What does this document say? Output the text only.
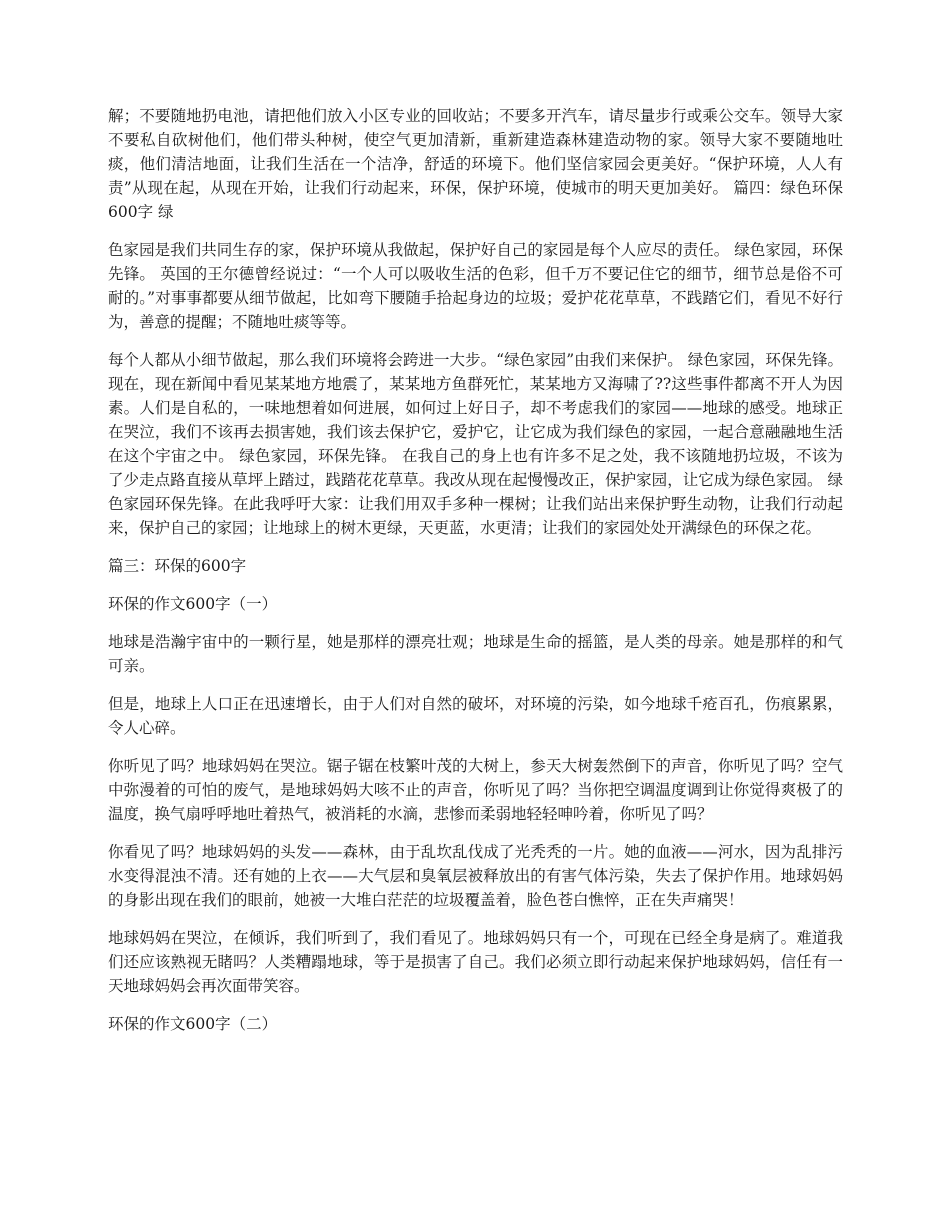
解；不要随地扔电池，请把他们放入小区专业的回收站；不要多开汽车，请尽量步行或乘公交车。领导大家不要私自砍树他们，他们带头种树，使空气更加清新，重新建造森林建造动物的家。领导大家不要随地吐痰，他们清洁地面，让我们生活在一个洁净，舒适的环境下。他们坚信家园会更美好。“保护环境，人人有责”从现在起，从现在开始，让我们行动起来，环保，保护环境，使城市的明天更加美好。 篇四：绿色环保600字 绿

色家园是我们共同生存的家，保护环境从我做起，保护好自己的家园是每个人应尽的责任。 绿色家园，环保先锋。 英国的王尔德曾经说过：“一个人可以吸收生活的色彩，但千万不要记住它的细节，细节总是俗不可耐的。”对事事都要从细节做起，比如弯下腰随手拾起身边的垃圾；爱护花花草草，不践踏它们，看见不好行为，善意的提醒；不随地吐痰等等。

每个人都从小细节做起，那么我们环境将会跨进一大步。“绿色家园”由我们来保护。 绿色家园，环保先锋。 现在，现在新闻中看见某某地方地震了，某某地方鱼群死忙，某某地方又海啸了??这些事件都离不开人为因素。人们是自私的，一味地想着如何进展，如何过上好日子，却不考虑我们的家园——地球的感受。地球正在哭泣，我们不该再去损害她，我们该去保护它，爱护它，让它成为我们绿色的家园，一起合意融融地生活在这个宇宙之中。 绿色家园，环保先锋。 在我自己的身上也有许多不足之处，我不该随地扔垃圾，不该为了少走点路直接从草坪上踏过，践踏花花草草。我改从现在起慢慢改正，保护家园，让它成为绿色家园。 绿色家园环保先锋。在此我呼吁大家：让我们用双手多种一棵树；让我们站出来保护野生动物，让我们行动起来，保护自己的家园；让地球上的树木更绿，天更蓝，水更清；让我们的家园处处开满绿色的环保之花。

篇三：环保的600字

环保的作文600字（一）

地球是浩瀚宇宙中的一颗行星，她是那样的漂亮壮观；地球是生命的摇篮，是人类的母亲。她是那样的和气可亲。

但是，地球上人口正在迅速增长，由于人们对自然的破坏，对环境的污染，如今地球千疮百孔，伤痕累累，令人心碎。

你听见了吗？地球妈妈在哭泣。锯子锯在枝繁叶茂的大树上，参天大树轰然倒下的声音，你听见了吗？空气中弥漫着的可怕的废气，是地球妈妈大咳不止的声音，你听见了吗？当你把空调温度调到让你觉得爽极了的温度，换气扇呼呼地吐着热气，被消耗的水滴，悲惨而柔弱地轻轻呻吟着，你听见了吗？

你看见了吗？地球妈妈的头发——森林，由于乱坎乱伐成了光秃秃的一片。她的血液——河水，因为乱排污水变得混浊不清。还有她的上衣——大气层和臭氧层被释放出的有害气体污染，失去了保护作用。地球妈妈的身影出现在我们的眼前，她被一大堆白茫茫的垃圾覆盖着，脸色苍白憔悴，正在失声痛哭！

地球妈妈在哭泣，在倾诉，我们听到了，我们看见了。地球妈妈只有一个，可现在已经全身是病了。难道我们还应该熟视无睹吗？人类糟蹋地球，等于是损害了自己。我们必须立即行动起来保护地球妈妈，信任有一天地球妈妈会再次面带笑容。

环保的作文600字（二）
